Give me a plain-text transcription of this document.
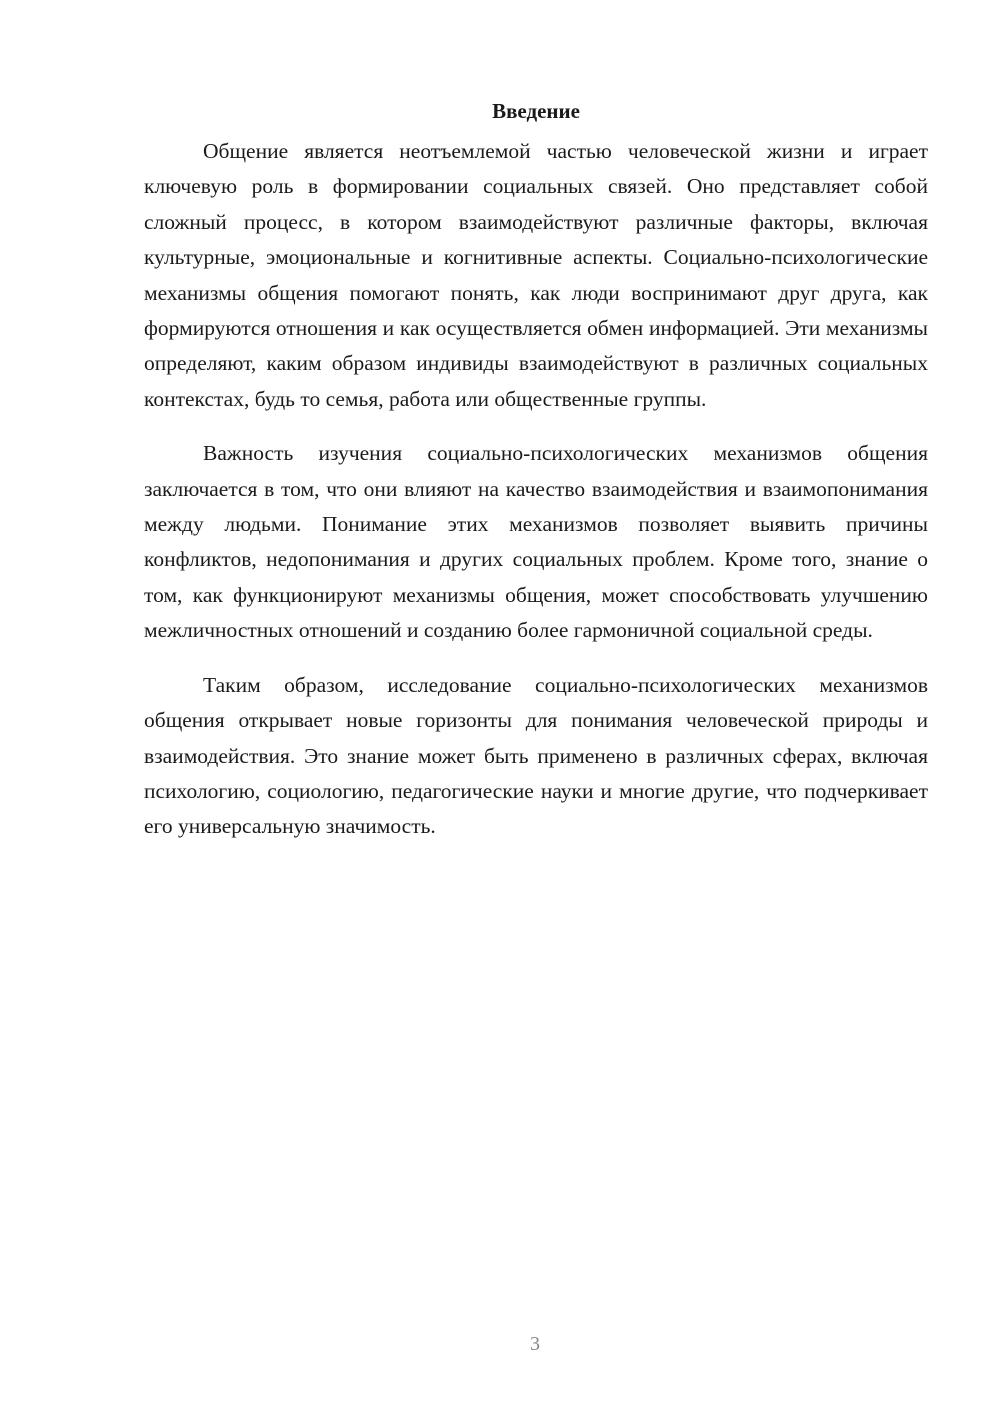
Введение

Общение является неотъемлемой частью человеческой жизни и играет ключевую роль в формировании социальных связей. Оно представляет собой сложный процесс, в котором взаимодействуют различные факторы, включая культурные, эмоциональные и когнитивные аспекты. Социально-психологические механизмы общения помогают понять, как люди воспринимают друг друга, как формируются отношения и как осуществляется обмен информацией. Эти механизмы определяют, каким образом индивиды взаимодействуют в различных социальных контекстах, будь то семья, работа или общественные группы.

Важность изучения социально-психологических механизмов общения заключается в том, что они влияют на качество взаимодействия и взаимопонимания между людьми. Понимание этих механизмов позволяет выявить причины конфликтов, недопонимания и других социальных проблем. Кроме того, знание о том, как функционируют механизмы общения, может способствовать улучшению межличностных отношений и созданию более гармоничной социальной среды.

Таким образом, исследование социально-психологических механизмов общения открывает новые горизонты для понимания человеческой природы и взаимодействия. Это знание может быть применено в различных сферах, включая психологию, социологию, педагогические науки и многие другие, что подчеркивает его универсальную значимость.

3
